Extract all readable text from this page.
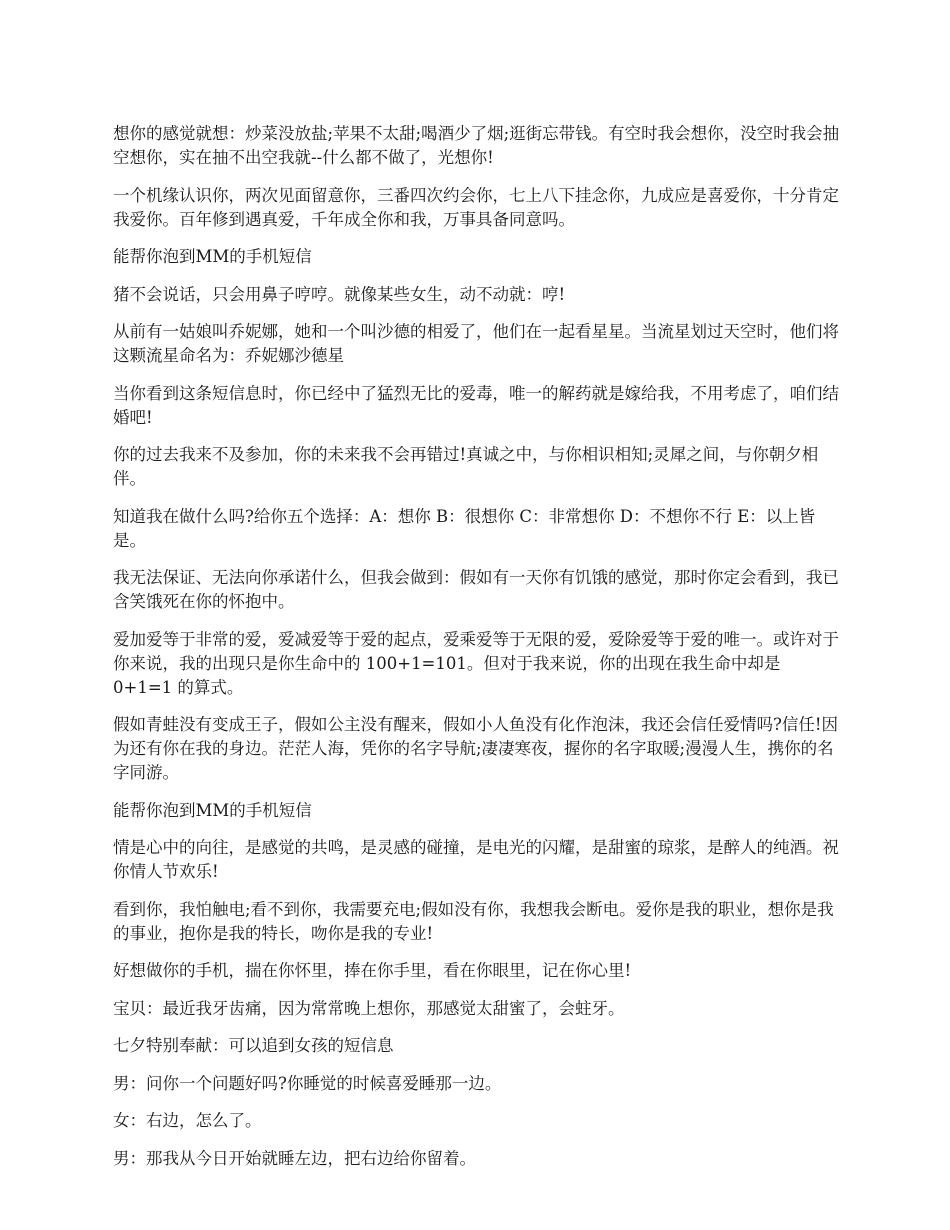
想你的感觉就想：炒菜没放盐;苹果不太甜;喝酒少了烟;逛街忘带钱。有空时我会想你，没空时我会抽空想你，实在抽不出空我就--什么都不做了，光想你!

一个机缘认识你，两次见面留意你，三番四次约会你，七上八下挂念你，九成应是喜爱你，十分肯定我爱你。百年修到遇真爱，千年成全你和我，万事具备同意吗。

能帮你泡到MM的手机短信

猪不会说话，只会用鼻子哼哼。就像某些女生，动不动就：哼!

从前有一姑娘叫乔妮娜，她和一个叫沙德的相爱了，他们在一起看星星。当流星划过天空时，他们将这颗流星命名为：乔妮娜沙德星

当你看到这条短信息时，你已经中了猛烈无比的爱毒，唯一的解药就是嫁给我，不用考虑了，咱们结婚吧!

你的过去我来不及参加，你的未来我不会再错过!真诚之中，与你相识相知;灵犀之间，与你朝夕相伴。

知道我在做什么吗?给你五个选择：A：想你 B：很想你 C：非常想你 D：不想你不行 E：以上皆是。

我无法保证、无法向你承诺什么，但我会做到：假如有一天你有饥饿的感觉，那时你定会看到，我已含笑饿死在你的怀抱中。

爱加爱等于非常的爱，爱减爱等于爱的起点，爱乘爱等于无限的爱，爱除爱等于爱的唯一。或许对于你来说，我的出现只是你生命中的 100+1=101。但对于我来说，你的出现在我生命中却是 0+1=1 的算式。

假如青蛙没有变成王子，假如公主没有醒来，假如小人鱼没有化作泡沫，我还会信任爱情吗?信任!因为还有你在我的身边。茫茫人海，凭你的名字导航;凄凄寒夜，握你的名字取暖;漫漫人生，携你的名字同游。

能帮你泡到MM的手机短信

情是心中的向往，是感觉的共鸣，是灵感的碰撞，是电光的闪耀，是甜蜜的琼浆，是醉人的纯酒。祝你情人节欢乐!

看到你，我怕触电;看不到你，我需要充电;假如没有你，我想我会断电。爱你是我的职业，想你是我的事业，抱你是我的特长，吻你是我的专业!

好想做你的手机，揣在你怀里，捧在你手里，看在你眼里，记在你心里!

宝贝：最近我牙齿痛，因为常常晚上想你，那感觉太甜蜜了，会蛀牙。

七夕特别奉献：可以追到女孩的短信息

男：问你一个问题好吗?你睡觉的时候喜爱睡那一边。

女：右边，怎么了。

男：那我从今日开始就睡左边，把右边给你留着。
